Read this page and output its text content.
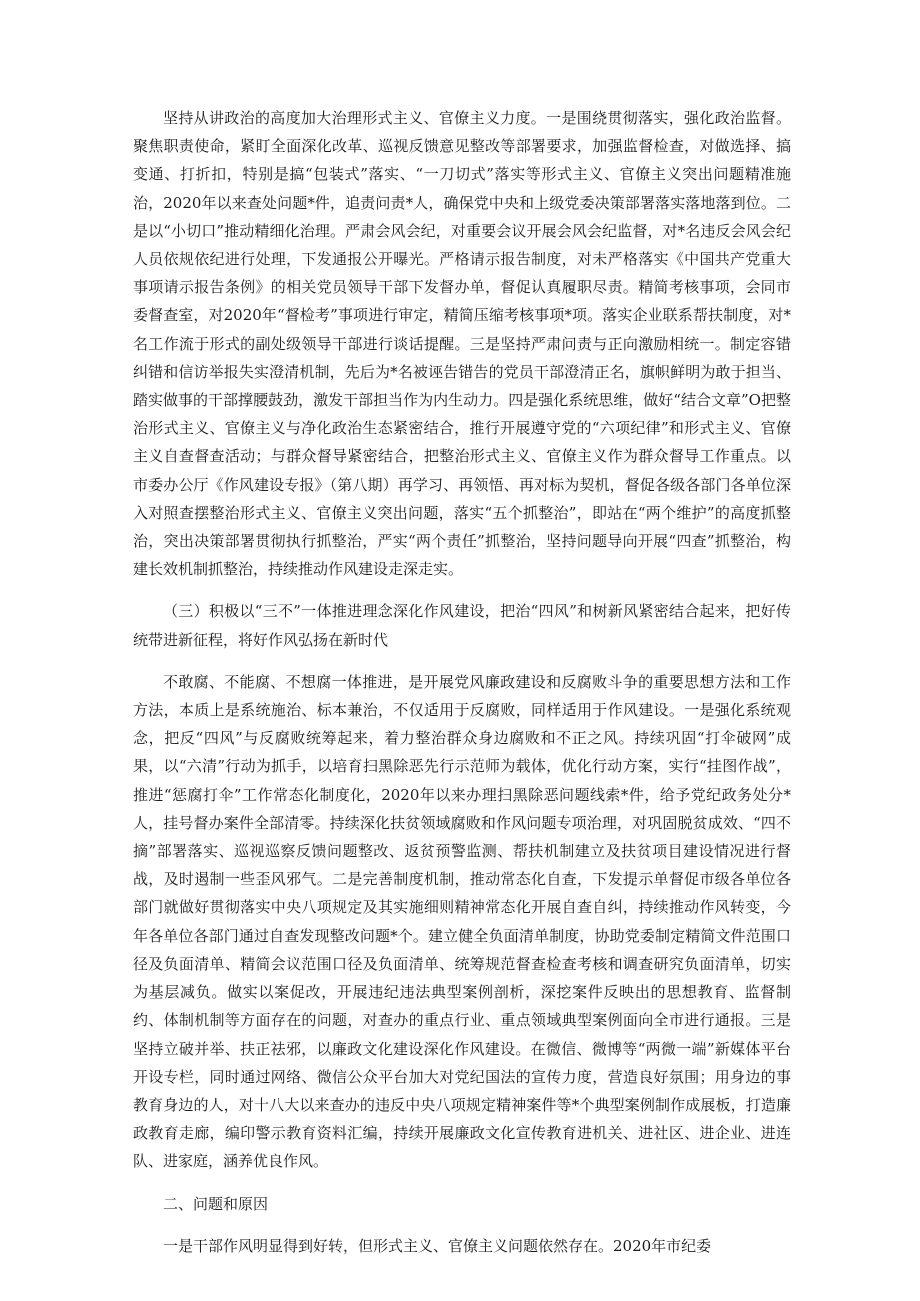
坚持从讲政治的高度加大治理形式主义、官僚主义力度。一是围绕贯彻落实，强化政治监督。聚焦职责使命，紧盯全面深化改革、巡视反馈意见整改等部署要求，加强监督检查，对做选择、搞变通、打折扣，特别是搞“包装式”落实、“一刀切式”落实等形式主义、官僚主义突出问题精准施治，2020年以来查处问题*件，追责问责*人，确保党中央和上级党委决策部署落实落地落到位。二是以“小切口”推动精细化治理。严肃会风会纪，对重要会议开展会风会纪监督，对*名违反会风会纪人员依规依纪进行处理，下发通报公开曝光。严格请示报告制度，对未严格落实《中国共产党重大事项请示报告条例》的相关党员领导干部下发督办单，督促认真履职尽责。精简考核事项，会同市委督查室，对2020年“督检考”事项进行审定，精简压缩考核事项*项。落实企业联系帮扶制度，对*名工作流于形式的副处级领导干部进行谈话提醒。三是坚持严肃问责与正向激励相统一。制定容错纠错和信访举报失实澄清机制，先后为*名被诬告错告的党员干部澄清正名，旗帜鲜明为敢于担当、踏实做事的干部撑腰鼓劲，激发干部担当作为内生动力。四是强化系统思维，做好“结合文章”O把整治形式主义、官僚主义与净化政治生态紧密结合，推行开展遵守党的“六项纪律”和形式主义、官僚主义自查督查活动；与群众督导紧密结合，把整治形式主义、官僚主义作为群众督导工作重点。以市委办公厅《作风建设专报》（第八期）再学习、再领悟、再对标为契机，督促各级各部门各单位深入对照查摆整治形式主义、官僚主义突出问题，落实“五个抓整治”，即站在“两个维护”的高度抓整治，突出决策部署贯彻执行抓整治，严实“两个责任”抓整治，坚持问题导向开展“四查”抓整治，构建长效机制抓整治，持续推动作风建设走深走实。

（三）积极以“三不”一体推进理念深化作风建设，把治“四风”和树新风紧密结合起来，把好传统带进新征程，将好作风弘扬在新时代

不敢腐、不能腐、不想腐一体推进，是开展党风廉政建设和反腐败斗争的重要思想方法和工作方法，本质上是系统施治、标本兼治，不仅适用于反腐败，同样适用于作风建设。一是强化系统观念，把反“四风”与反腐败统筹起来，着力整治群众身边腐败和不正之风。持续巩固“打伞破网”成果，以“六清”行动为抓手，以培育扫黑除恶先行示范师为载体，优化行动方案，实行“挂图作战”，推进“惩腐打伞”工作常态化制度化，2020年以来办理扫黑除恶问题线索*件，给予党纪政务处分*人，挂号督办案件全部清零。持续深化扶贫领域腐败和作风问题专项治理，对巩固脱贫成效、“四不摘”部署落实、巡视巡察反馈问题整改、返贫预警监测、帮扶机制建立及扶贫项目建设情况进行督战，及时遏制一些歪风邪气。二是完善制度机制，推动常态化自查，下发提示单督促市级各单位各部门就做好贯彻落实中央八项规定及其实施细则精神常态化开展自查自纠，持续推动作风转变，今年各单位各部门通过自查发现整改问题*个。建立健全负面清单制度，协助党委制定精简文件范围口径及负面清单、精简会议范围口径及负面清单、统筹规范督查检查考核和调查研究负面清单，切实为基层减负。做实以案促改，开展违纪违法典型案例剖析，深挖案件反映出的思想教育、监督制约、体制机制等方面存在的问题，对查办的重点行业、重点领域典型案例面向全市进行通报。三是坚持立破并举、扶正祛邪，以廉政文化建设深化作风建设。在微信、微博等“两微一端”新媒体平台开设专栏，同时通过网络、微信公众平台加大对党纪国法的宣传力度，营造良好氛围；用身边的事教育身边的人，对十八大以来查办的违反中央八项规定精神案件等*个典型案例制作成展板，打造廉政教育走廊，编印警示教育资料汇编，持续开展廉政文化宣传教育进机关、进社区、进企业、进连队、进家庭，涵养优良作风。

二、问题和原因

一是干部作风明显得到好转，但形式主义、官僚主义问题依然存在。2020年市纪委
